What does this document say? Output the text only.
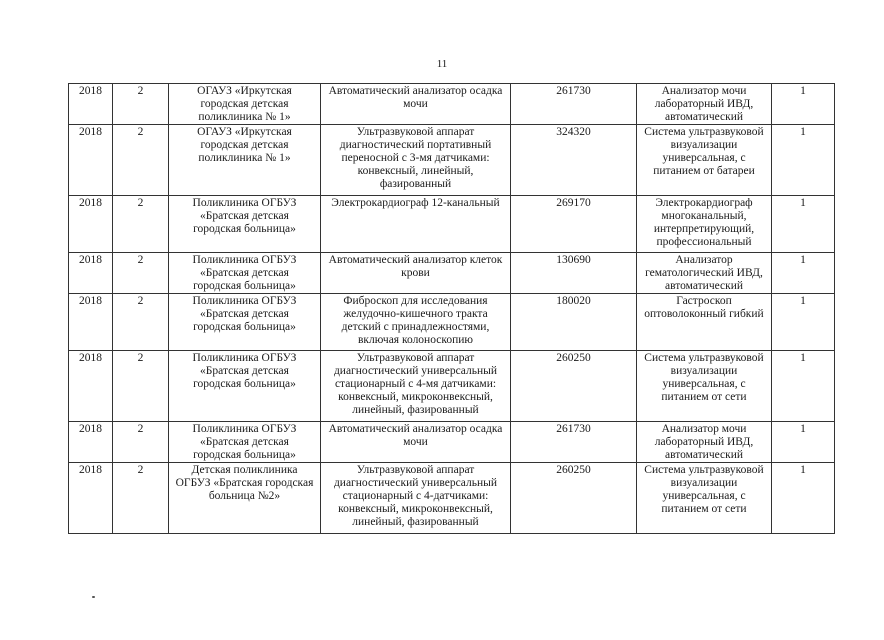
11
2018	2	ОГАУЗ «Иркутская городская детская поликлиника № 1»	Автоматический анализатор осадка мочи	261730	Анализатор мочи лабораторный ИВД, автоматический	1
2018	2	ОГАУЗ «Иркутская городская детская поликлиника № 1»	Ультразвуковой аппарат диагностический портативный переносной с 3-мя датчиками: конвексный, линейный, фазированный	324320	Система ультразвуковой визуализации универсальная, с питанием от батареи	1
2018	2	Поликлиника ОГБУЗ «Братская детская городская больница»	Электрокардиограф 12-канальный	269170	Электрокардиограф многоканальный, интерпретирующий, профессиональный	1
2018	2	Поликлиника ОГБУЗ «Братская детская городская больница»	Автоматический анализатор клеток крови	130690	Анализатор гематологический ИВД, автоматический	1
2018	2	Поликлиника ОГБУЗ «Братская детская городская больница»	Фиброскоп для исследования желудочно-кишечного тракта детский с принадлежностями, включая колоноскопию	180020	Гастроскоп оптоволоконный гибкий	1
2018	2	Поликлиника ОГБУЗ «Братская детская городская больница»	Ультразвуковой аппарат диагностический универсальный стационарный с 4-мя датчиками: конвексный, микроконвексный, линейный, фазированный	260250	Система ультразвуковой визуализации универсальная, с питанием от сети	1
2018	2	Поликлиника ОГБУЗ «Братская детская городская больница»	Автоматический анализатор осадка мочи	261730	Анализатор мочи лабораторный ИВД, автоматический	1
2018	2	Детская поликлиника ОГБУЗ «Братская городская больница №2»	Ультразвуковой аппарат диагностический универсальный стационарный с 4-датчиками: конвексный, микроконвексный, линейный, фазированный	260250	Система ультразвуковой визуализации универсальная, с питанием от сети	1
